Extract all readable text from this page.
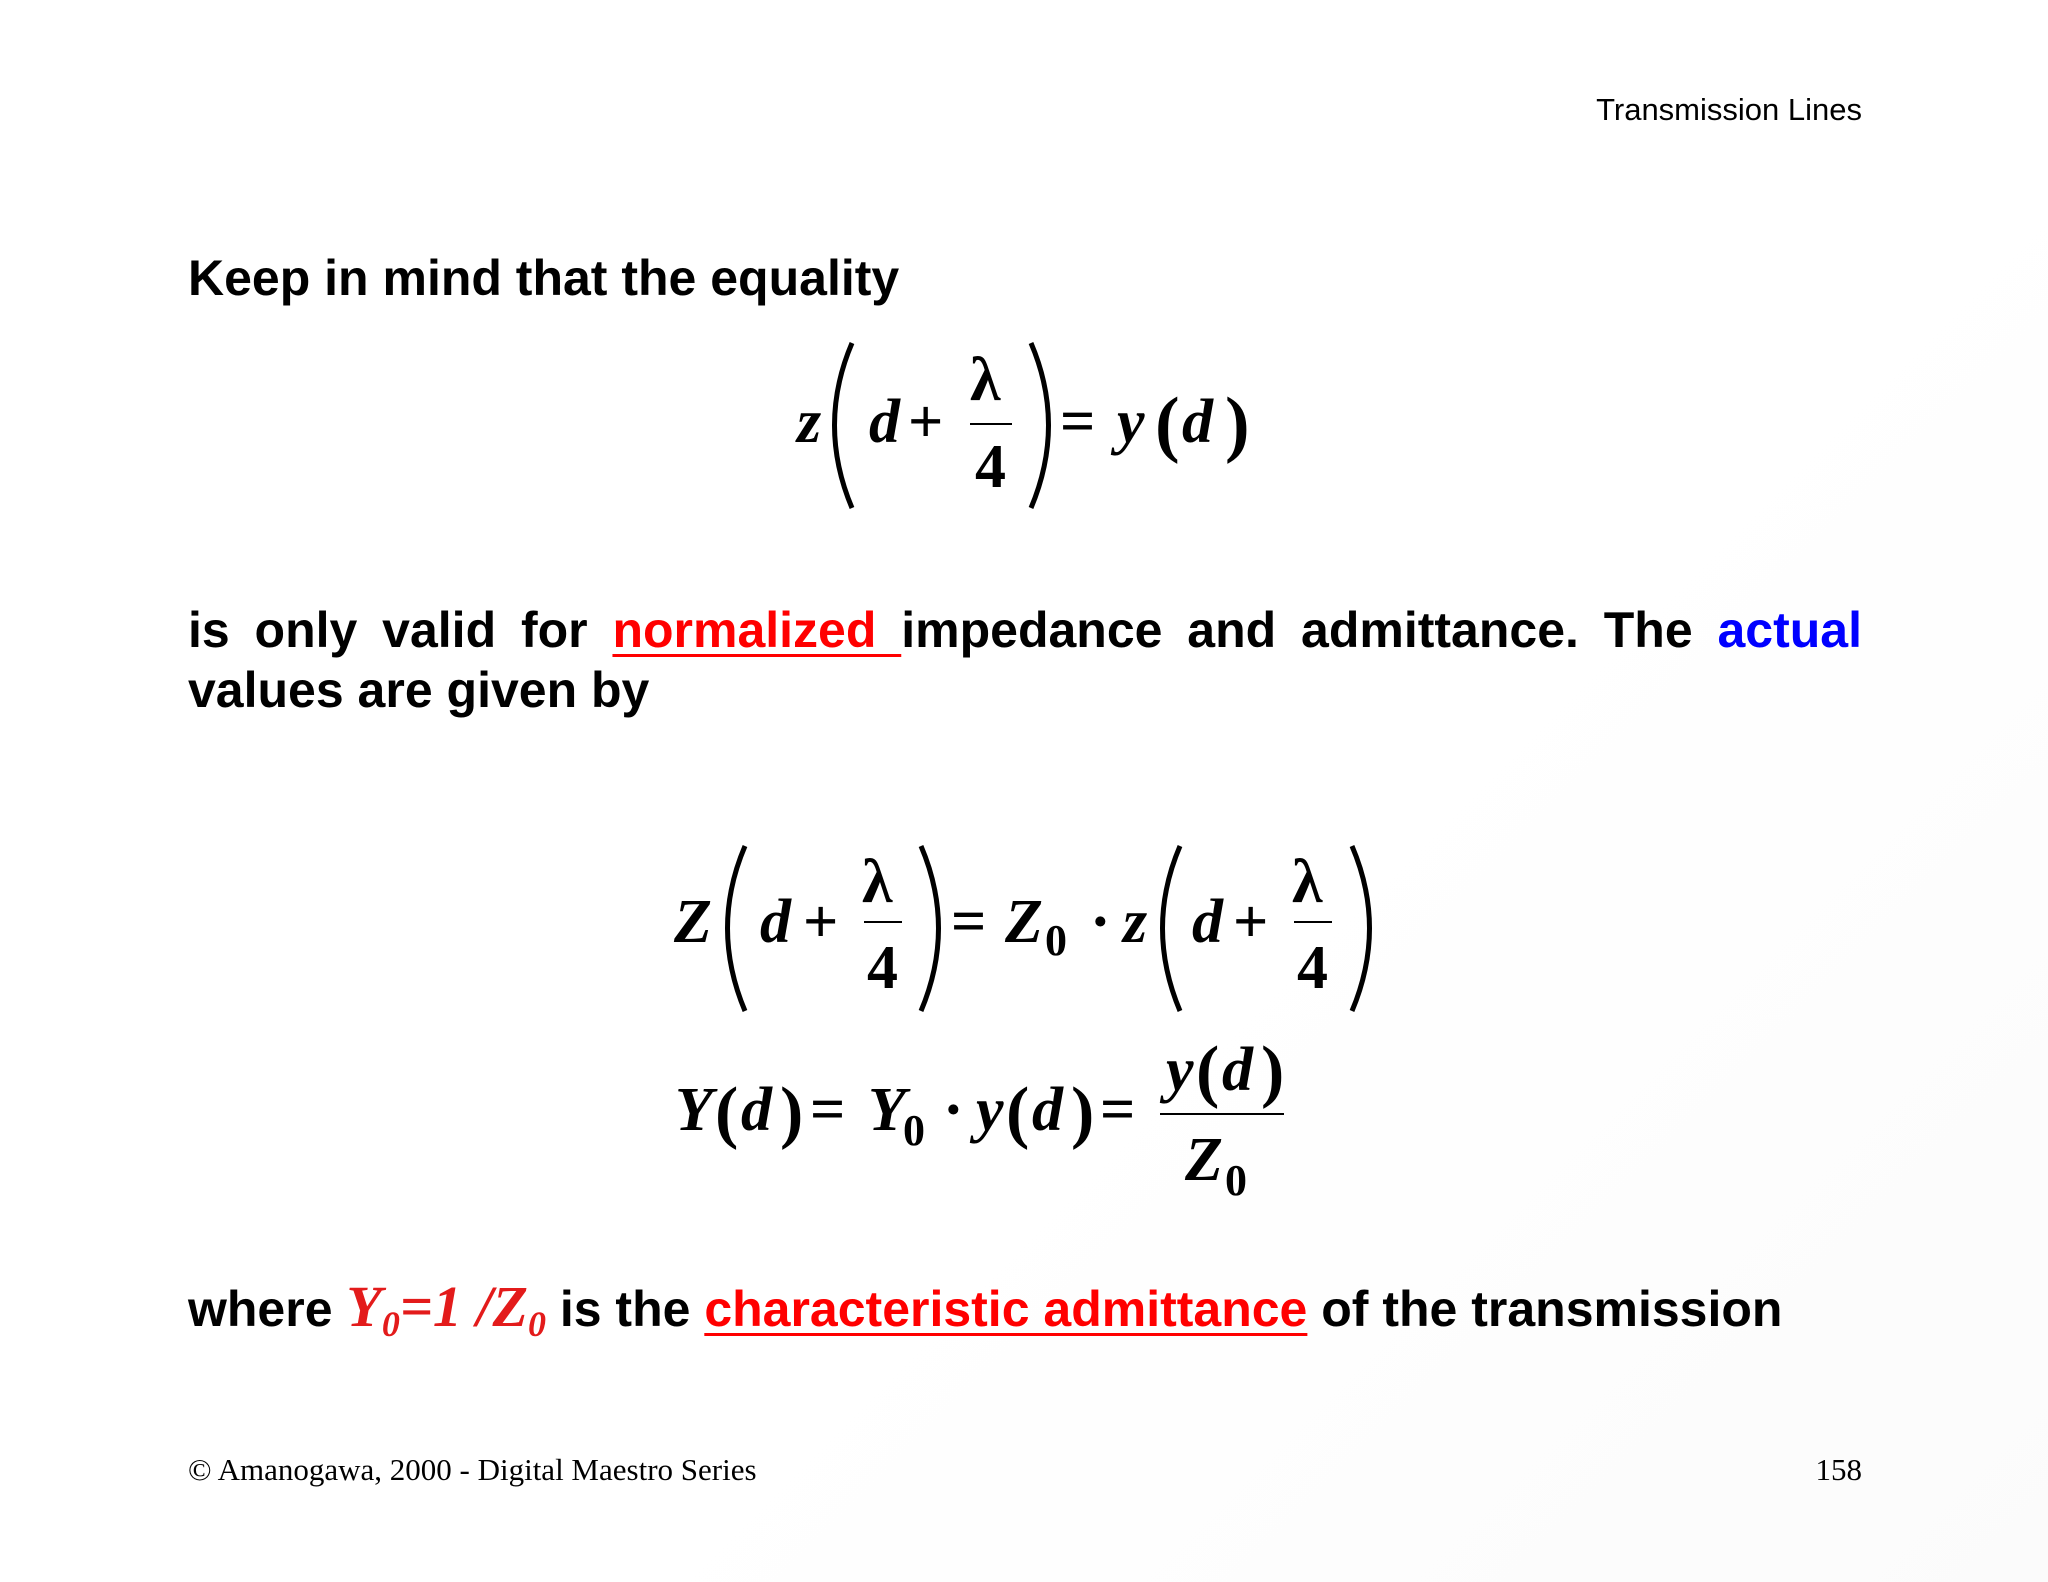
Transmission Lines
Keep in mind that the equality
z d +
λ
4
= y ( d )
is only valid for normalized impedance and admittance. The actual values are given by
Z d +
λ
4
= Z 0 · z d +
λ
4
Y ( d ) = Y
0 · y ( d ) =
y ( d )
Z 0
where $Y_0=1$ $/Z_0$ is the characteristic admittance of the transmission
© Amanogawa, 2000 - Digital Maestro Series	158
